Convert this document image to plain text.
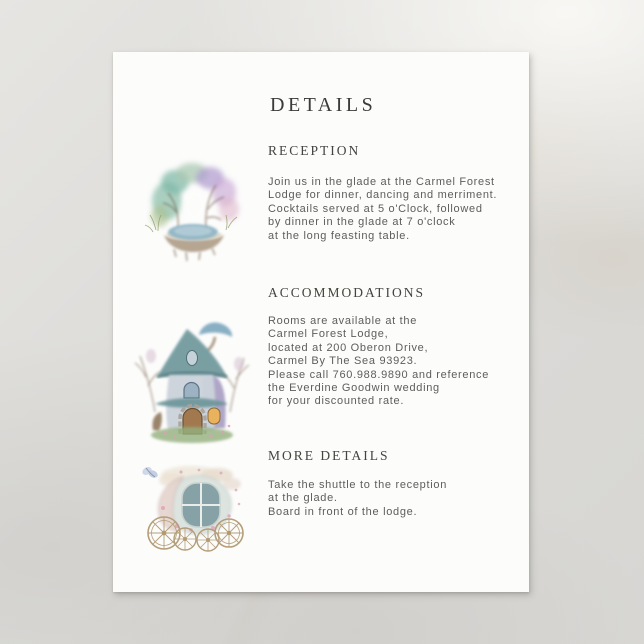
DETAILS
RECEPTION
Join us in the glade at the Carmel Forest
Lodge for dinner, dancing and merriment.
Cocktails served at 5 o'Clock, followed
by dinner in the glade at 7 o'clock
at the long feasting table.
ACCOMMODATIONS
Rooms are available at the
Carmel Forest Lodge,
located at 200 Oberon Drive,
Carmel By The Sea 93923.
Please call 760.988.9890 and reference
the Everdine Goodwin wedding
for your discounted rate.
MORE DETAILS
Take the shuttle to the reception
at the glade.
Board in front of the lodge.
